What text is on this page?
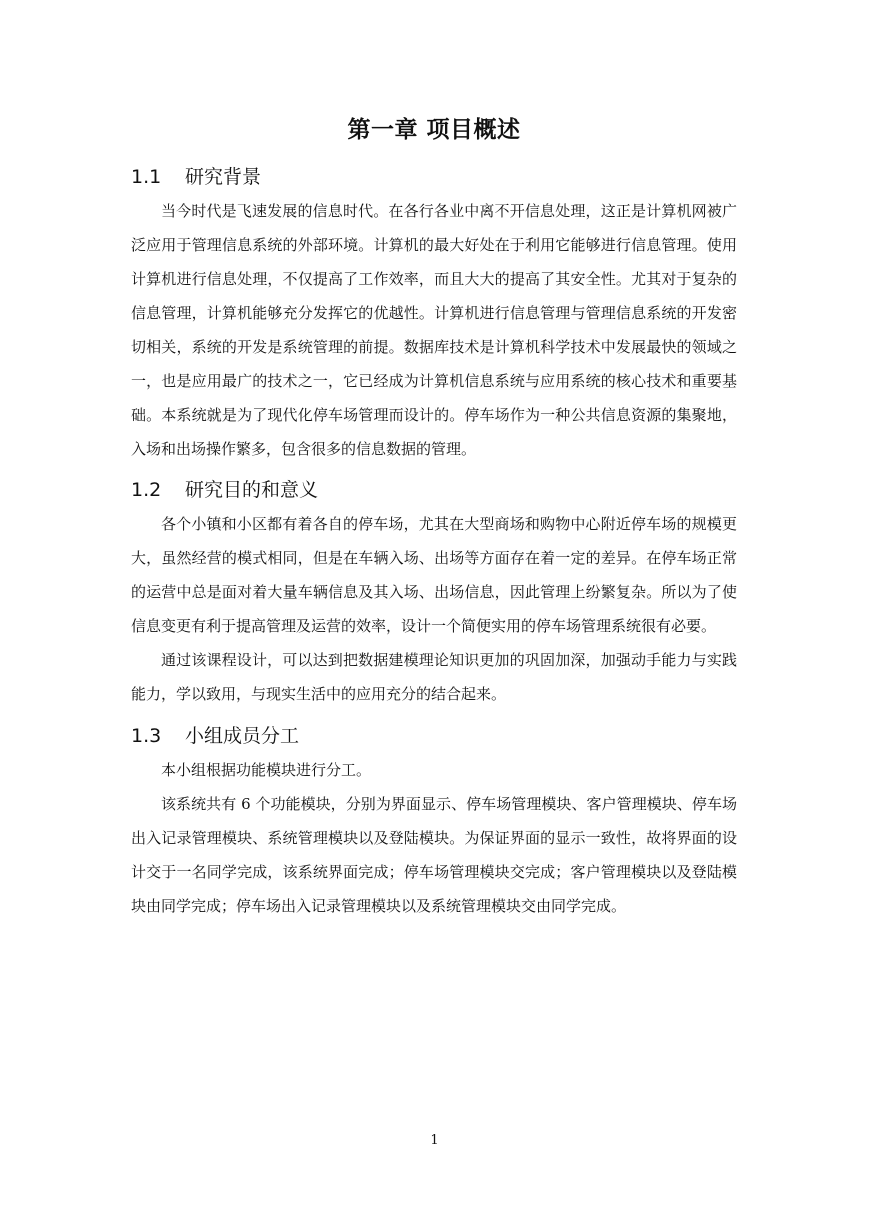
第一章 项目概述
1.1 研究背景

当今时代是飞速发展的信息时代。在各行各业中离不开信息处理，这正是计算机网被广泛应用于管理信息系统的外部环境。计算机的最大好处在于利用它能够进行信息管理。使用计算机进行信息处理，不仅提高了工作效率，而且大大的提高了其安全性。尤其对于复杂的信息管理，计算机能够充分发挥它的优越性。计算机进行信息管理与管理信息系统的开发密切相关，系统的开发是系统管理的前提。数据库技术是计算机科学技术中发展最快的领域之一，也是应用最广的技术之一，它已经成为计算机信息系统与应用系统的核心技术和重要基础。本系统就是为了现代化停车场管理而设计的。停车场作为一种公共信息资源的集聚地，入场和出场操作繁多，包含很多的信息数据的管理。

1.2 研究目的和意义

各个小镇和小区都有着各自的停车场，尤其在大型商场和购物中心附近停车场的规模更大，虽然经营的模式相同，但是在车辆入场、出场等方面存在着一定的差异。在停车场正常的运营中总是面对着大量车辆信息及其入场、出场信息，因此管理上纷繁复杂。所以为了使信息变更有利于提高管理及运营的效率，设计一个简便实用的停车场管理系统很有必要。

通过该课程设计，可以达到把数据建模理论知识更加的巩固加深，加强动手能力与实践能力，学以致用，与现实生活中的应用充分的结合起来。

1.3 小组成员分工

本小组根据功能模块进行分工。

该系统共有 6 个功能模块，分别为界面显示、停车场管理模块、客户管理模块、停车场出入记录管理模块、系统管理模块以及登陆模块。为保证界面的显示一致性，故将界面的设计交于一名同学完成，该系统界面完成；停车场管理模块交完成；客户管理模块以及登陆模块由同学完成；停车场出入记录管理模块以及系统管理模块交由同学完成。

1
